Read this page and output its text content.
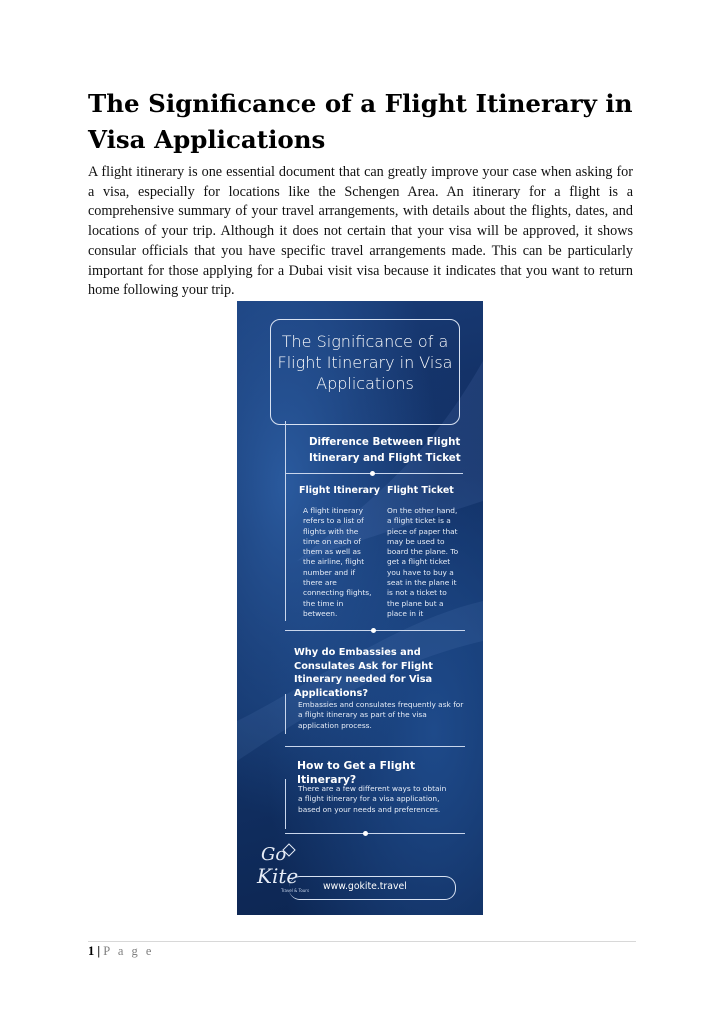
The Significance of a Flight Itinerary in Visa Applications

A flight itinerary is one essential document that can greatly improve your case when asking for a visa, especially for locations like the Schengen Area. An itinerary for a flight is a comprehensive summary of your travel arrangements, with details about the flights, dates, and locations of your trip. Although it does not certain that your visa will be approved, it shows consular officials that you have specific travel arrangements made. This can be particularly important for those applying for a Dubai visit visa because it indicates that you want to return home following your trip.

The Significance of a Flight Itinerary in Visa Applications
Difference Between Flight Itinerary and Flight Ticket
Flight Itinerary Flight Ticket
A flight itinerary refers to a list of flights with the time on each of them as well as the airline, flight number and if there are connecting flights, the time in between.
On the other hand, a flight ticket is a piece of paper that may be used to board the plane. To get a flight ticket you have to buy a seat in the plane it is not a ticket to the plane but a place in it
Why do Embassies and Consulates Ask for Flight Itinerary needed for Visa Applications?
Embassies and consulates frequently ask for a flight itinerary as part of the visa application process.
How to Get a Flight Itinerary?
There are a few different ways to obtain a flight itinerary for a visa application, based on your needs and preferences.
Go
Kite
Travel & Tours www.gokite.travel
1 | P a g e
